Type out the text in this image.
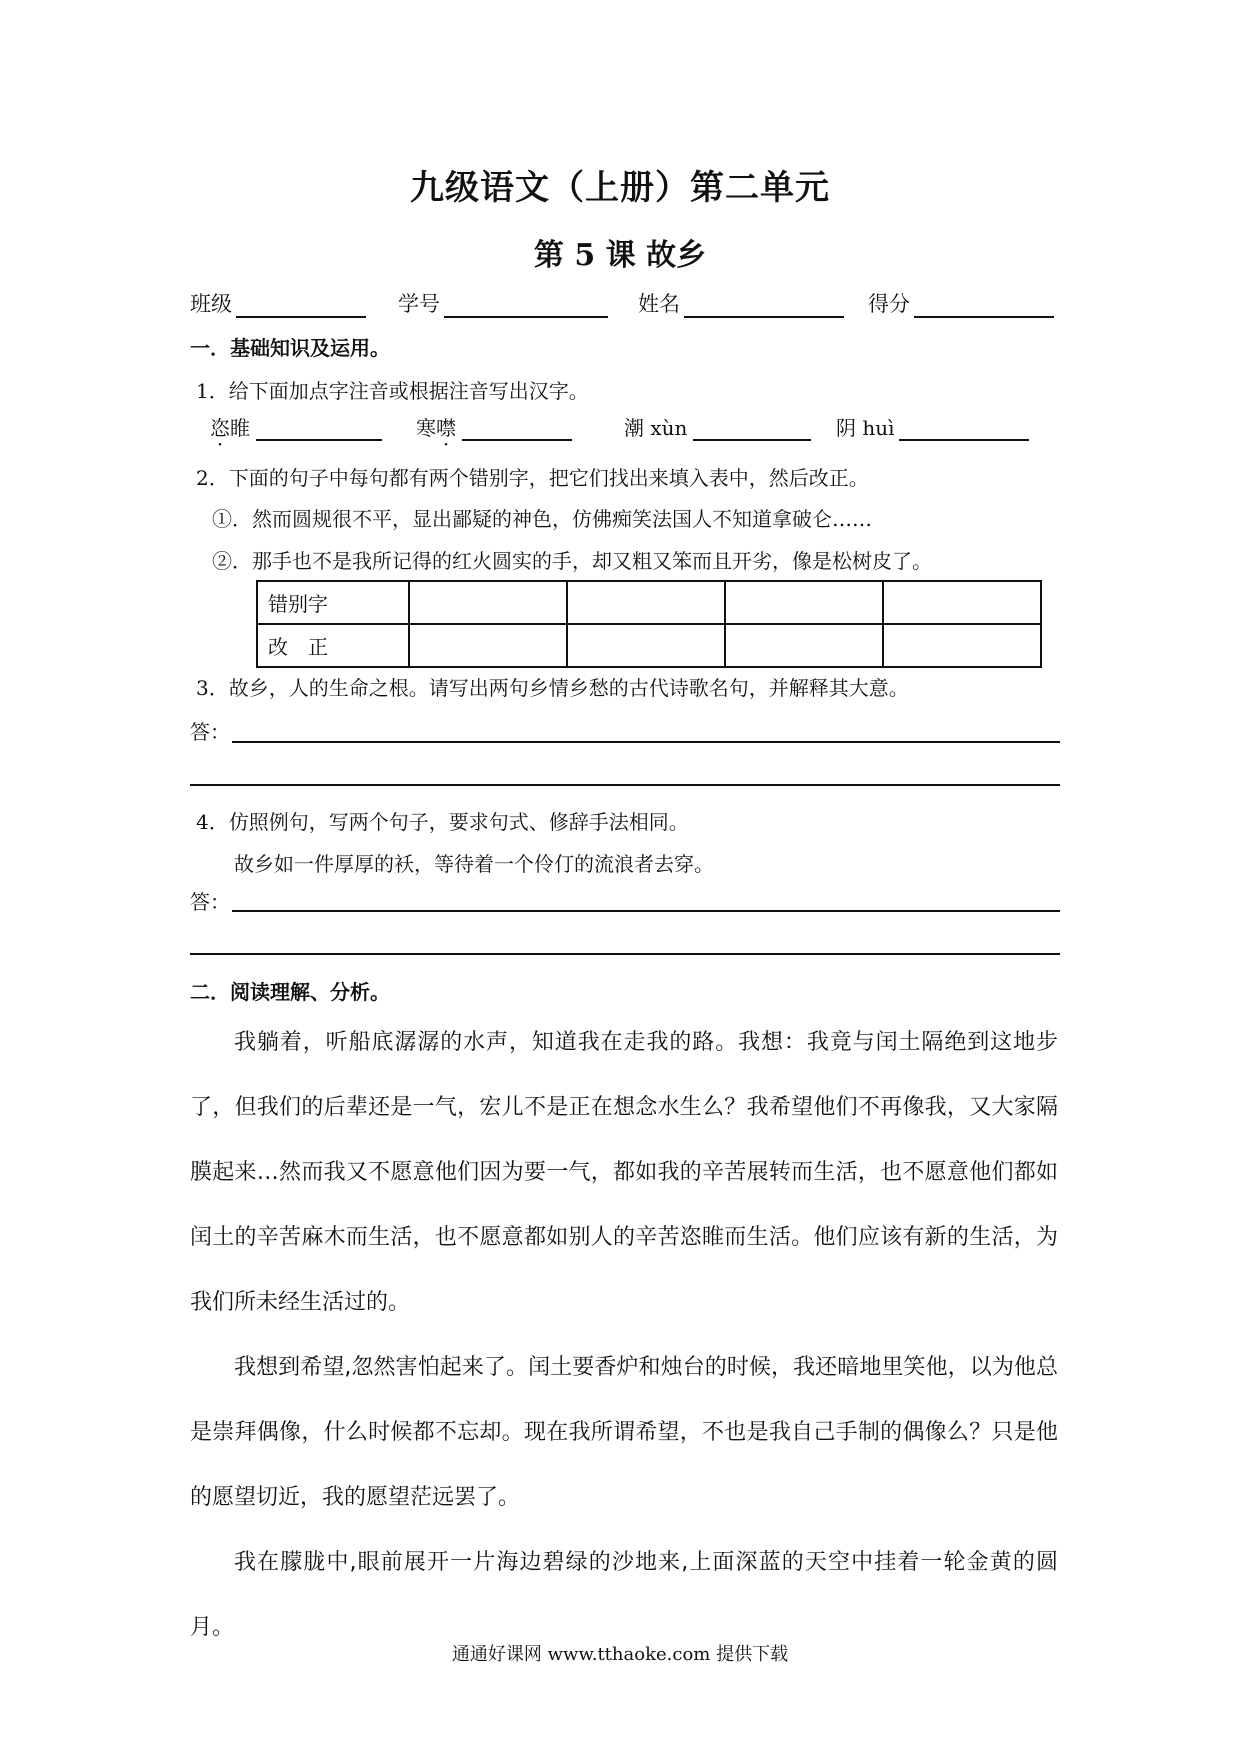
九级语文（上册）第二单元
第 5 课 故乡
班级	学号	姓名	得分
一．基础知识及运用。
1．给下面加点字注音或根据注音写出汉字。
恣睢	寒噤	潮 xùn	阴 huì
2．下面的句子中每句都有两个错别字，把它们找出来填入表中，然后改正。
①．然而圆规很不平，显出鄙疑的神色，仿佛痴笑法国人不知道拿破仑……
②．那手也不是我所记得的红火圆实的手，却又粗又笨而且开劣，像是松树皮了。
错别字				
改　正				
3．故乡，人的生命之根。请写出两句乡情乡愁的古代诗歌名句，并解释其大意。
答：
4．仿照例句，写两个句子，要求句式、修辞手法相同。
故乡如一件厚厚的袄，等待着一个伶仃的流浪者去穿。
答：
二．阅读理解、分析。

我躺着，听船底潺潺的水声，知道我在走我的路。我想：我竟与闰土隔绝到这地步了，但我们的后辈还是一气，宏儿不是正在想念水生么？我希望他们不再像我，又大家隔膜起来…然而我又不愿意他们因为要一气，都如我的辛苦展转而生活，也不愿意他们都如闰土的辛苦麻木而生活，也不愿意都如别人的辛苦恣睢而生活。他们应该有新的生活，为我们所未经生活过的。

我想到希望,忽然害怕起来了。闰土要香炉和烛台的时候，我还暗地里笑他，以为他总是崇拜偶像，什么时候都不忘却。现在我所谓希望，不也是我自己手制的偶像么？只是他的愿望切近，我的愿望茫远罢了。

我在朦胧中,眼前展开一片海边碧绿的沙地来,上面深蓝的天空中挂着一轮金黄的圆月。

通通好课网 www.tthaoke.com 提供下载
